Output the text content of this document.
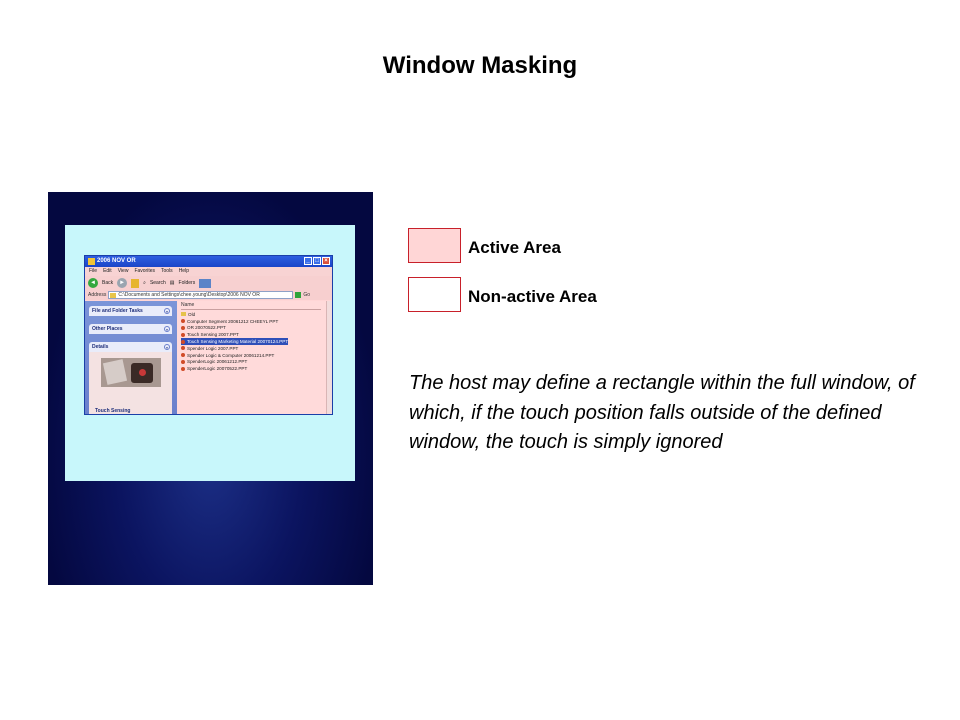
Window Masking
2006 NOV OR	_ □ ×
File Edit View Favorites Tools Help
◄	Back	►	⌕ Search ▤ Folders
Address C:\Documents and Settings\chee.young\Desktop\2006 NOV OR	Go
File and Folder Tasks	»
Other Places	»
Details	«
Touch Sensing
Name
Old
Computer Segment 20061212 CHEEYL PPT
OR 20070522.PPT
Touch Sensing 2007.PPT
Touch Sensing Marketing Material 20070124.PPT
Spender Logic 2007.PPT
Spender Logic & Computer 20061214.PPT
SpenderLogic 20061212.PPT
SpenderLogic 20070522.PPT
Active Area
Non-active Area
The host may define a rectangle within the full window, of which, if the touch position falls outside of the defined window, the touch is simply ignored
